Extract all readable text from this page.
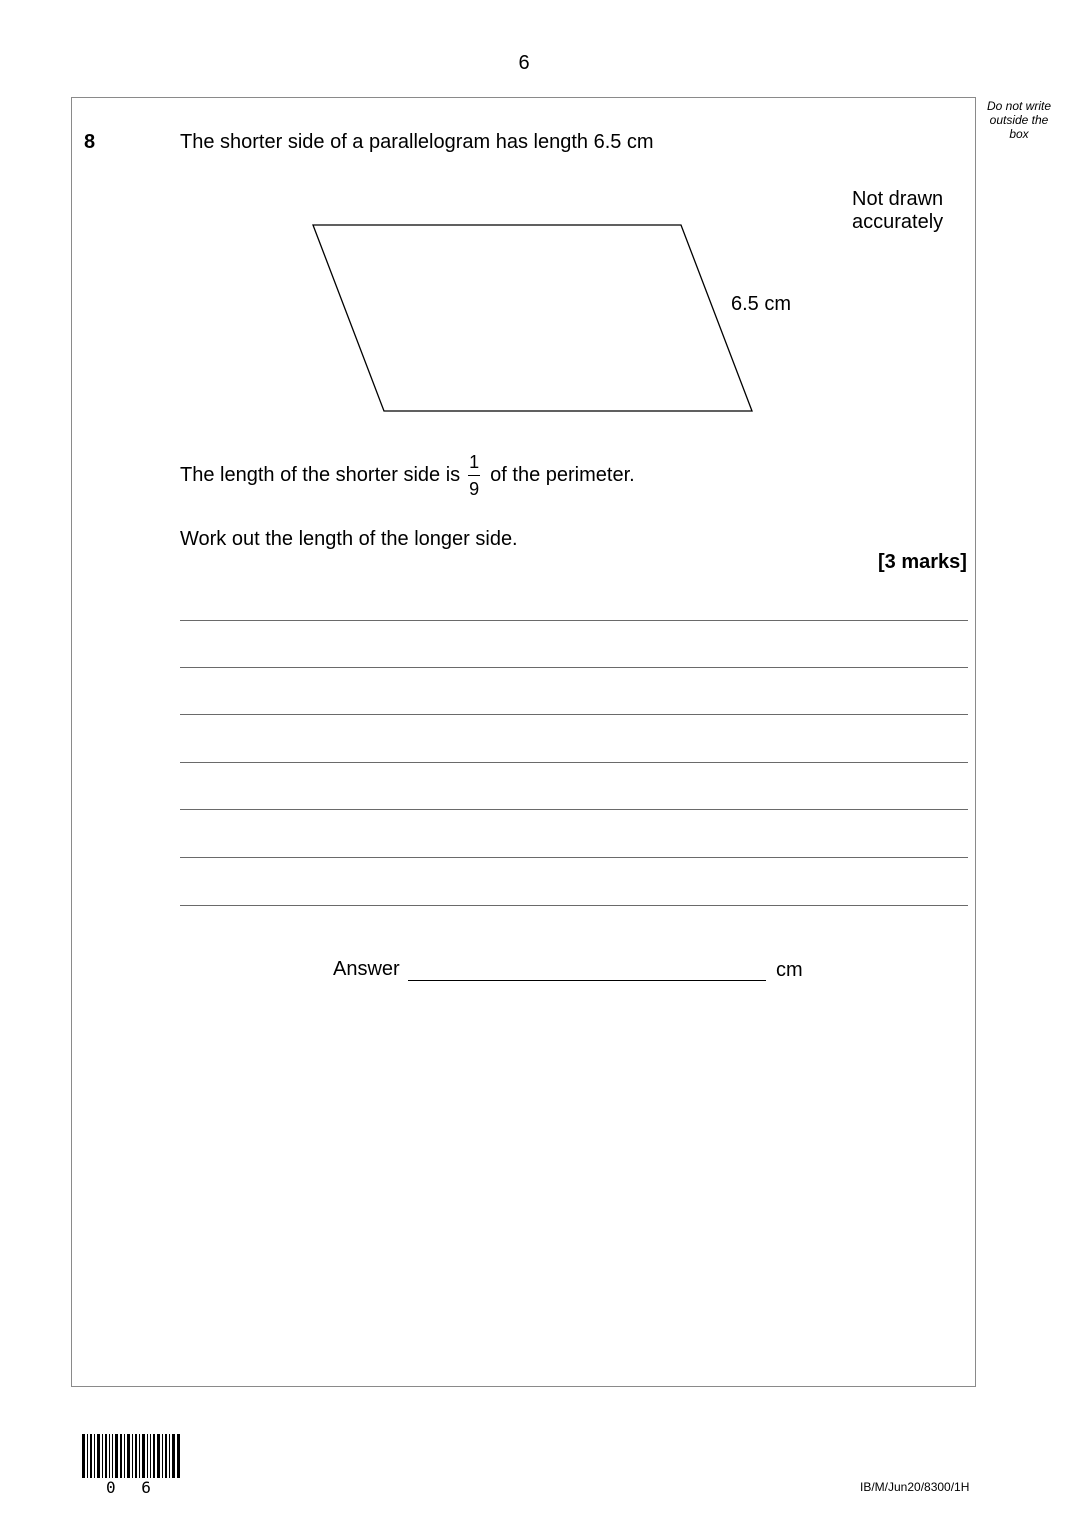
6
Do not write outside the box
8	The shorter side of a parallelogram has length 6.5 cm
Not drawn accurately
6.5 cm
The length of the shorter side is $\frac{1}{9}$ of the perimeter.
Work out the length of the longer side.
[3 marks]
Answer	cm
0 6	IB/M/Jun20/8300/1H
